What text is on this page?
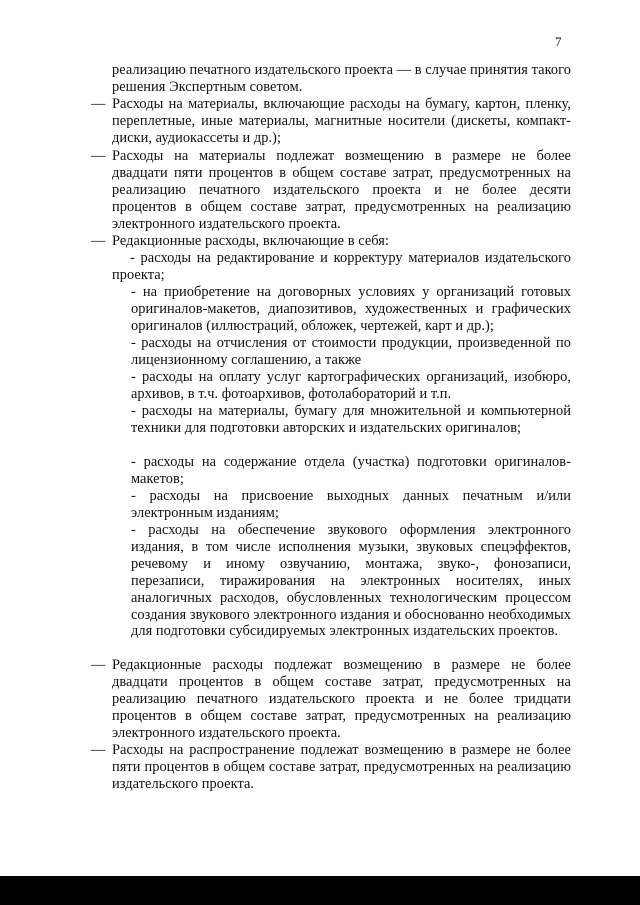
7
реализацию печатного издательского проекта — в случае принятия такого решения Экспертным советом.
— Расходы на материалы, включающие расходы на бумагу, картон, пленку, переплетные, иные материалы, магнитные носители (дискеты, компакт-диски, аудиокассеты и др.);
— Расходы на материалы подлежат возмещению в размере не более двадцати пяти процентов в общем составе затрат, предусмотренных на реализацию печатного издательского проекта и не более десяти процентов в общем составе затрат, предусмотренных на реализацию электронного издательского проекта.
— Редакционные расходы, включающие в себя:
- расходы на редактирование и корректуру материалов издательского проекта;
- на приобретение на договорных условиях у организаций готовых оригиналов-макетов, диапозитивов, художественных и графических оригиналов (иллюстраций, обложек, чертежей, карт и др.);
- расходы на отчисления от стоимости продукции, произведенной по лицензионному соглашению, а также
- расходы на оплату услуг картографических организаций, изобюро, архивов, в т.ч. фотоархивов, фотолабораторий и т.п.
- расходы на материалы, бумагу для множительной и компьютерной техники для подготовки авторских и издательских оригиналов;
- расходы на содержание отдела (участка) подготовки оригиналов-макетов;
- расходы на присвоение выходных данных печатным и/или электронным изданиям;
- расходы на обеспечение звукового оформления электронного издания, в том числе исполнения музыки, звуковых спецэффектов, речевому и иному озвучанию, монтажа, звуко-, фонозаписи, перезаписи, тиражирования на электронных носителях, иных аналогичных расходов, обусловленных технологическим процессом создания звукового электронного издания и обоснованно необходимых для подготовки субсидируемых электронных издательских проектов.
— Редакционные расходы подлежат возмещению в размере не более двадцати процентов в общем составе затрат, предусмотренных на реализацию печатного издательского проекта и не более тридцати процентов в общем составе затрат, предусмотренных на реализацию электронного издательского проекта.
— Расходы на распространение подлежат возмещению в размере не более пяти процентов в общем составе затрат, предусмотренных на реализацию издательского проекта.
